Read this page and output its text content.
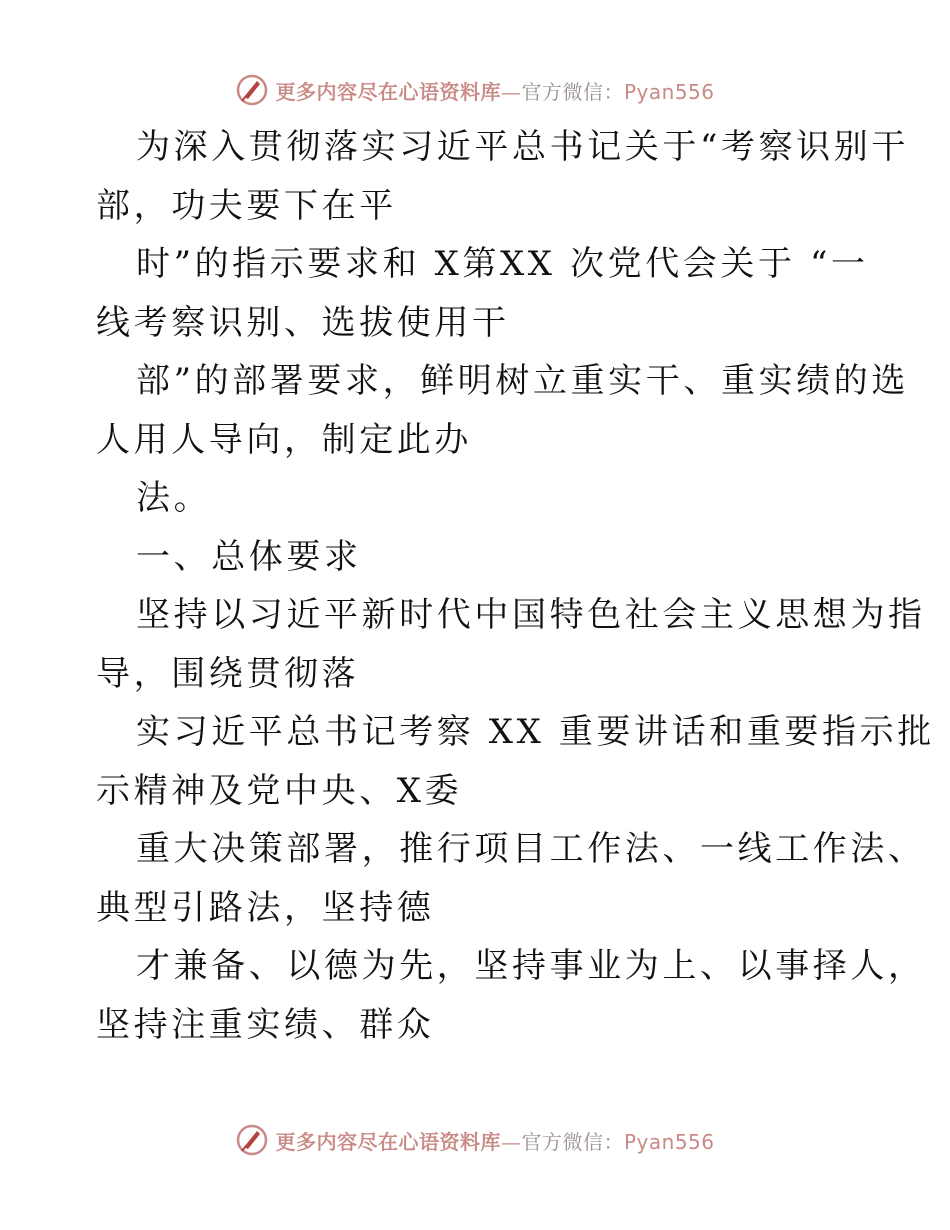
更多内容尽在心语资料库—官方微信：Pyan556
为深入贯彻落实习近平总书记关于“考察识别干
部，功夫要下在平
时”的指示要求和 X第XX 次党代会关于 “一
线考察识别、选拔使用干
部”的部署要求，鲜明树立重实干、重实绩的选
人用人导向，制定此办
法。
一、总体要求
坚持以习近平新时代中国特色社会主义思想为指
导，围绕贯彻落
实习近平总书记考察 XX 重要讲话和重要指示批
示精神及党中央、X委
重大决策部署，推行项目工作法、一线工作法、
典型引路法，坚持德
才兼备、以德为先，坚持事业为上、以事择人，
坚持注重实绩、群众
更多内容尽在心语资料库—官方微信：Pyan556
